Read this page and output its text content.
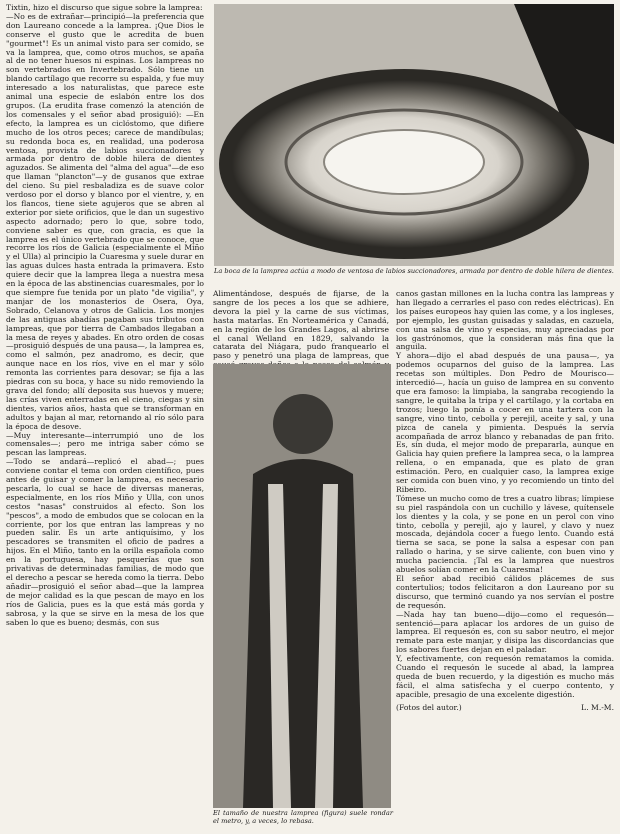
Tixtin, hizo el discurso que sigue sobre la lamprea:

—No es de extrañar—principió—la preferencia que don Laureano concede a la lamprea. ¡Que Dios le conserve el gusto que le acredita de buen "gourmet"! Es un animal visto para ser comido, se va la lamprea, que, como otros muchos, se apaña al de no tener huesos ni espinas. Los lampreas no son vertebrados en Invertebrado. Sólo tiene un blando cartílago que recorre su espalda, y fue muy interesado a los naturalistas, que parece este animal una especie de eslabón entre los dos grupos. (La erudita frase comenzó la atención de los comensales y el señor abad prosiguió): —En efecto, la lamprea es un ciclóstomo, que difiere mucho de los otros peces; carece de mandíbulas; su redonda boca es, en realidad, una poderosa ventosa, provista de labios succionadores y armada por dentro de doble hilera de dientes aguzados. Se alimenta del "alma del agua"—de eso que llaman "plancton"—y de gusanos que extrae del cieno. Su piel resbaladiza es de suave color verdoso por el dorso y blanco por el vientre, y, en los flancos, tiene siete agujeros que se abren al exterior por siete orificios, que le dan un sugestivo aspecto adornado; pero lo que, sobre todo, conviene saber es que, con gracia, es que la lamprea es el único vertebrado que se conoce, que recorre los ríos de Galicia (especialmente el Miño y el Ulla) al principio la Cuaresma y suele durar en las aguas dulces hasta entrada la primavera. Esto quiere decir que la lamprea llega a nuestra mesa en la época de las abstinencias cuaresmales, por lo que siempre fue tenida por un plato "de vigilia", y manjar de los monasterios de Osera, Oya, Sobrado, Celanova y otros de Galicia. Los monjes de las antiguas abadías pagaban sus tributos con lampreas, que por tierra de Cambados llegaban a la mesa de reyes y abades. En otro orden de cosas—prosiguió después de una pausa—, la lamprea es, como el salmón, pez anadromo, es decir, que aunque nace en los ríos, vive en el mar y sólo remonta las corrientes para desovar; se fija a las piedras con su boca, y hace su nido removiendo la grava del fondo; allí deposita sus huevos y muere; las crías viven enterradas en el cieno, ciegas y sin dientes, varios años, hasta que se transforman en adultos y bajan al mar, retornando al río sólo para la época de desove.

—Muy interesante—interrumpió uno de los comensales—; pero me intriga saber cómo se pescan las lampreas.

—Todo se andará—replicó el abad—; pues conviene contar el tema con orden científico, pues antes de guisar y comer la lamprea, es necesario pescarla, lo cual se hace de diversas maneras, especialmente, en los ríos Miño y Ulla, con unos cestos "nasas" construidos al efecto. Son los "pescos", a modo de embudos que se colocan en la corriente, por los que entran las lampreas y no pueden salir. Es un arte antiquísimo, y los pescadores se transmiten el oficio de padres a hijos. En el Miño, tanto en la orilla española como en la portuguesa, hay pesquerías que son privativas de determinadas familias, de modo que el derecho a pescar se hereda como la tierra. Debo añadir—prosiguió el señor abad—que la lamprea de mejor calidad es la que pescan de mayo en los ríos de Galicia, pues es la que está más gorda y sabrosa, y la que se sirve en la mesa de los que saben lo que es bueno; desmás, con sus

La boca de la lamprea actúa a modo de ventosa de labios succionadores, armada por dentro de doble hilera de dientes.

Alimentándose, después de fijarse, de la sangre de los peces a los que se adhiere, devora la piel y la carne de sus víctimas, hasta matarlas. En Norteamérica y Canadá, en la región de los Grandes Lagos, al abrirse el canal Welland en 1829, salvando la catarata del Niágara, pudo franquearlo el paso y penetró una plaga de lampreas, que

El tamaño de nuestra lamprea (figura) suele rondar el metro, y, a veces, lo rebasa.

canos gastan millones en la lucha contra las lampreas y han llegado a cerrarles el paso con redes eléctricas). En los países europeos hay quien las come, y a los ingleses, por ejemplo, les gustan guisadas y saladas, en cazuela, con una salsa de vino y especias, muy apreciadas por los gastrónomos, que la consideran más fina que la anguila.

Y ahora—dijo el abad después de una pausa—, ya podemos ocuparnos del guiso de la lamprea. Las recetas son múltiples. Don Pedro de Mourisco—intercedió—, hacía un guiso de lamprea en su convento que era famoso: la limpiaba, la sangraba recogiendo la sangre, le quitaba la tripa y el cartílago, y la cortaba en trozos; luego la ponía a cocer en una tartera con la sangre, vino tinto, cebolla y perejil, aceite y sal, y una pizca de canela y pimienta. Después la servía acompañada de arroz blanco y rebanadas de pan frito. Es, sin duda, el mejor modo de prepararla, aunque en Galicia hay quien prefiere la lamprea seca, o la lamprea rellena, o en empanada, que es plato de gran estimación. Pero, en cualquier caso, la lamprea exige ser comida con buen vino, y yo recomiendo un tinto del Ribeiro.

Tómese un mucho como de tres a cuatro libras; límpiese su piel raspándola con un cuchillo y lávese, quítensele los dientes y la cola, y se pone en un perol con vino tinto, cebolla y perejil, ajo y laurel, y clavo y nuez moscada, dejándola cocer a fuego lento. Cuando está tierna se saca, se pone la salsa a espesar con pan rallado o harina, y se sirve caliente, con buen vino y mucha paciencia. ¡Tal es la lamprea que nuestros abuelos solían comer en la Cuaresma!

El señor abad recibió cálidos plácemes de sus contertulios; todos felicitaron a don Laureano por su discurso, que terminó cuando ya nos servían el postre de requesón.

—Nada hay tan bueno—dijo—como el requesón—sentenció—para aplacar los ardores de un guiso de lamprea. El requesón es, con su sabor neutro, el mejor remate para este manjar, y disipa las discordancias que los sabores fuertes dejan en el paladar.

Y, efectivamente, con requesón rematamos la comida. Cuando el requesón le sucede al abad, la lamprea queda de buen recuerdo, y la digestión es mucho más fácil, el alma satisfecha y el cuerpo contento, y apacible, presagio de una excelente digestión.

(Fotos del autor.)	L. M.-M.
